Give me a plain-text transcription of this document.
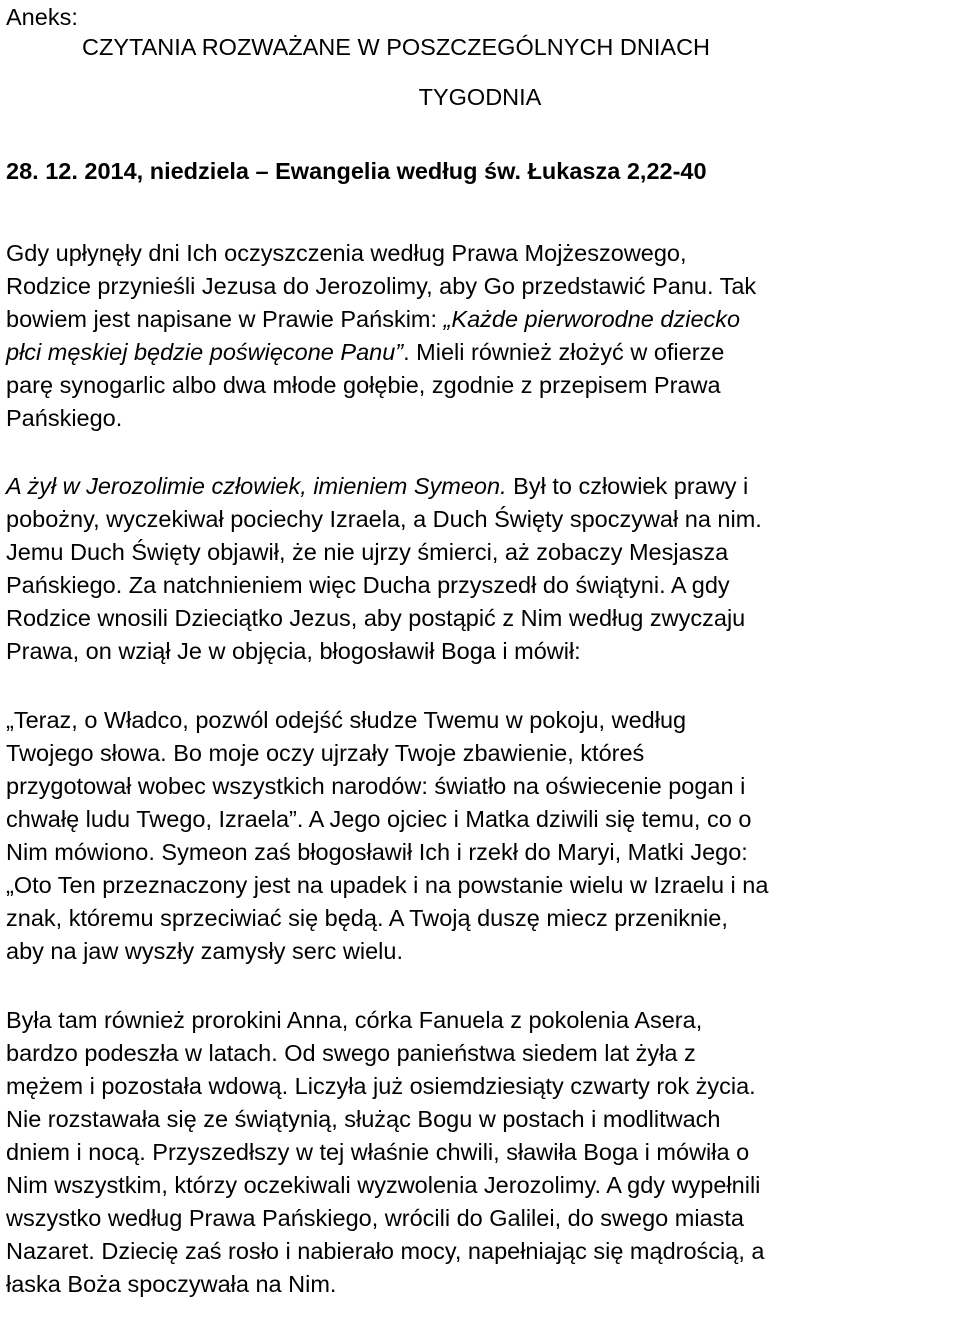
Aneks:
CZYTANIA ROZWAŻANE W POSZCZEGÓLNYCH DNIACH
TYGODNIA
28. 12. 2014, niedziela – Ewangelia według św. Łukasza 2,22-40
Gdy upłynęły dni Ich oczyszczenia według Prawa Mojżeszowego,
Rodzice przynieśli Jezusa do Jerozolimy, aby Go przedstawić Panu. Tak
bowiem jest napisane w Prawie Pańskim: „Każde pierworodne dziecko
płci męskiej będzie poświęcone Panu”. Mieli również złożyć w ofierze
parę synogarlic albo dwa młode gołębie, zgodnie z przepisem Prawa
Pańskiego.
A żył w Jerozolimie człowiek, imieniem Symeon. Był to człowiek prawy i
pobożny, wyczekiwał pociechy Izraela, a Duch Święty spoczywał na nim.
Jemu Duch Święty objawił, że nie ujrzy śmierci, aż zobaczy Mesjasza
Pańskiego. Za natchnieniem więc Ducha przyszedł do świątyni. A gdy
Rodzice wnosili Dzieciątko Jezus, aby postąpić z Nim według zwyczaju
Prawa, on wziął Je w objęcia, błogosławił Boga i mówił:
„Teraz, o Władco, pozwól odejść słudze Twemu w pokoju, według
Twojego słowa. Bo moje oczy ujrzały Twoje zbawienie, któreś
przygotował wobec wszystkich narodów: światło na oświecenie pogan i
chwałę ludu Twego, Izraela”. A Jego ojciec i Matka dziwili się temu, co o
Nim mówiono. Symeon zaś błogosławił Ich i rzekł do Maryi, Matki Jego:
„Oto Ten przeznaczony jest na upadek i na powstanie wielu w Izraelu i na
znak, któremu sprzeciwiać się będą. A Twoją duszę miecz przeniknie,
aby na jaw wyszły zamysły serc wielu.
Była tam również prorokini Anna, córka Fanuela z pokolenia Asera,
bardzo podeszła w latach. Od swego panieństwa siedem lat żyła z
mężem i pozostała wdową. Liczyła już osiemdziesiąty czwarty rok życia.
Nie rozstawała się ze świątynią, służąc Bogu w postach i modlitwach
dniem i nocą. Przyszedłszy w tej właśnie chwili, sławiła Boga i mówiła o
Nim wszystkim, którzy oczekiwali wyzwolenia Jerozolimy. A gdy wypełnili
wszystko według Prawa Pańskiego, wrócili do Galilei, do swego miasta
Nazaret. Dziecię zaś rosło i nabierało mocy, napełniając się mądrością, a
łaska Boża spoczywała na Nim.
